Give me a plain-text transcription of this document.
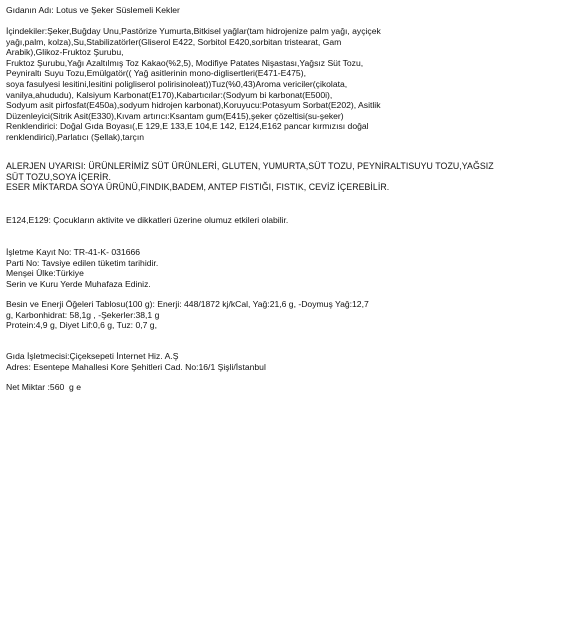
Gıdanın Adı: Lotus ve Şeker Süslemeli Kekler
İçindekiler:Şeker,Buğday Unu,Pastörize Yumurta,Bitkisel yağlar(tam hidrojenize palm yağı, ayçiçek
yağı,palm, kolza),Su,Stabilizatörler(Gliserol E422, Sorbitol E420,sorbitan tristearat, Gam
Arabik),Glikoz-Fruktoz Şurubu,
Fruktoz Şurubu,Yağı Azaltılmış Toz Kakao(%2,5), Modifiye Patates Nişastası,Yağsız Süt Tozu,
Peyniraltı Suyu Tozu,Emülgatör(( Yağ asitlerinin mono-diglisertleri(E471-E475),
soya fasulyesi lesitini,lesitini poligliserol polirisinoleat))Tuz(%0,43)Aroma vericiler(çikolata,
vanilya,ahududu), Kalsiyum Karbonat(E170),Kabartıcılar:(Sodyum bi karbonat(E500i),
Sodyum asit pirfosfat(E450a),sodyum hidrojen karbonat),Koruyucu:Potasyum Sorbat(E202), Asitlik
Düzenleyici(Sitrik Asit(E330),Kıvam artırıcı:Ksantam gum(E415),şeker çözeltisi(su-şeker)
Renklendirici: Doğal Gıda Boyası(,E 129,E 133,E 104,E 142, E124,E162 pancar kırmızısı doğal
renklendirici),Parlatıcı (Şellak),tarçın
ALERJEN UYARISI: ÜRÜNLERİMİZ SÜT ÜRÜNLERİ, GLUTEN, YUMURTA,SÜT TOZU, PEYNİRALTISUYU TOZU,YAĞSIZ
SÜT TOZU,SOYA İÇERİR.
ESER MİKTARDA SOYA ÜRÜNÜ,FINDIK,BADEM, ANTEP FISTIĞI, FISTIK, CEVİZ İÇEREBİLİR.
E124,E129: Çocukların aktivite ve dikkatleri üzerine olumuz etkileri olabilir.
İşletme Kayıt No: TR-41-K- 031666
Parti No: Tavsiye edilen tüketim tarihidir.
Menşei Ülke:Türkiye
Serin ve Kuru Yerde Muhafaza Ediniz.
Besin ve Enerji Öğeleri Tablosu(100 g): Enerji: 448/1872 kj/kCal, Yağ:21,6 g, -Doymuş Yağ:12,7
g, Karbonhidrat: 58,1g , -Şekerler:38,1 g
Protein:4,9 g, Diyet Lif:0,6 g, Tuz: 0,7 g,
Gıda İşletmecisi:Çiçeksepeti İnternet Hiz. A.Ş
Adres: Esentepe Mahallesi Kore Şehitleri Cad. No:16/1 Şişli/İstanbul
Net Miktar :560  g e
